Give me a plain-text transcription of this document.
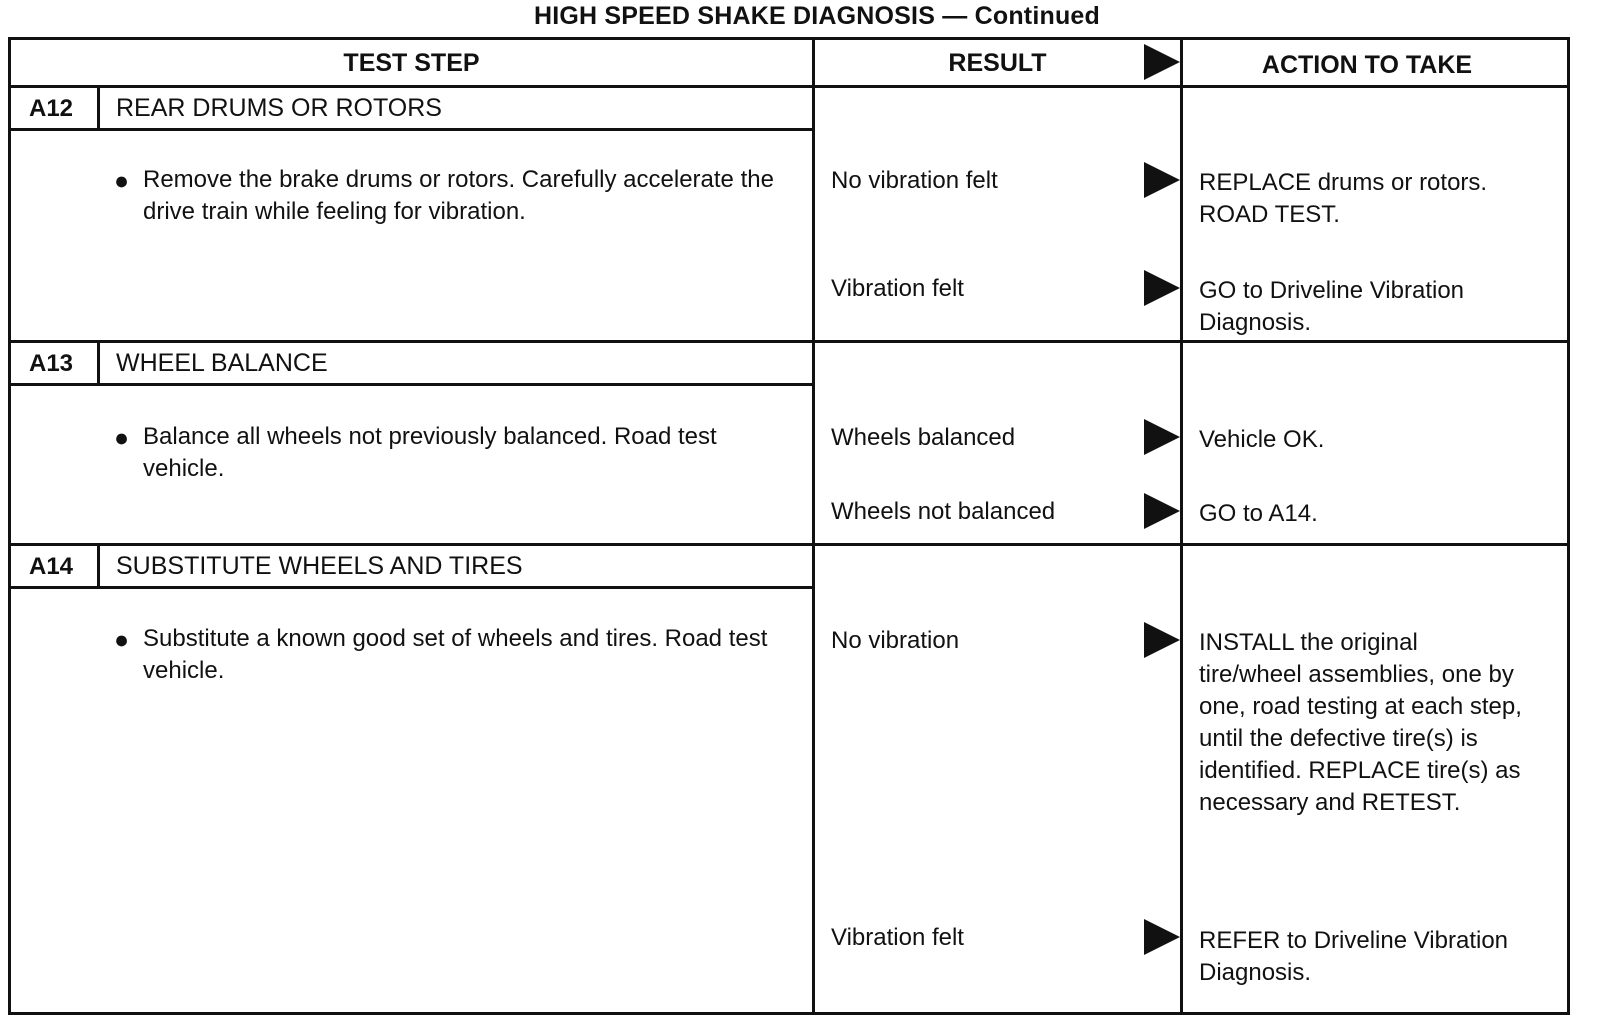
HIGH SPEED SHAKE DIAGNOSIS — Continued
TEST STEP	RESULT	ACTION TO TAKE
A12 REAR DRUMS OR ROTORS
● Remove the brake drums or rotors. Carefully accelerate the drive train while feeling for vibration.
No vibration felt	REPLACE drums or rotors. ROAD TEST.
Vibration felt	GO to Driveline Vibration Diagnosis.
A13 WHEEL BALANCE
● Balance all wheels not previously balanced. Road test vehicle.
Wheels balanced	Vehicle OK.
Wheels not balanced	GO to A14.
A14 SUBSTITUTE WHEELS AND TIRES
● Substitute a known good set of wheels and tires. Road test vehicle.
No vibration	INSTALL the original tire/wheel assemblies, one by one, road testing at each step, until the defective tire(s) is identified. REPLACE tire(s) as necessary and RETEST.
Vibration felt	REFER to Driveline Vibration Diagnosis.
